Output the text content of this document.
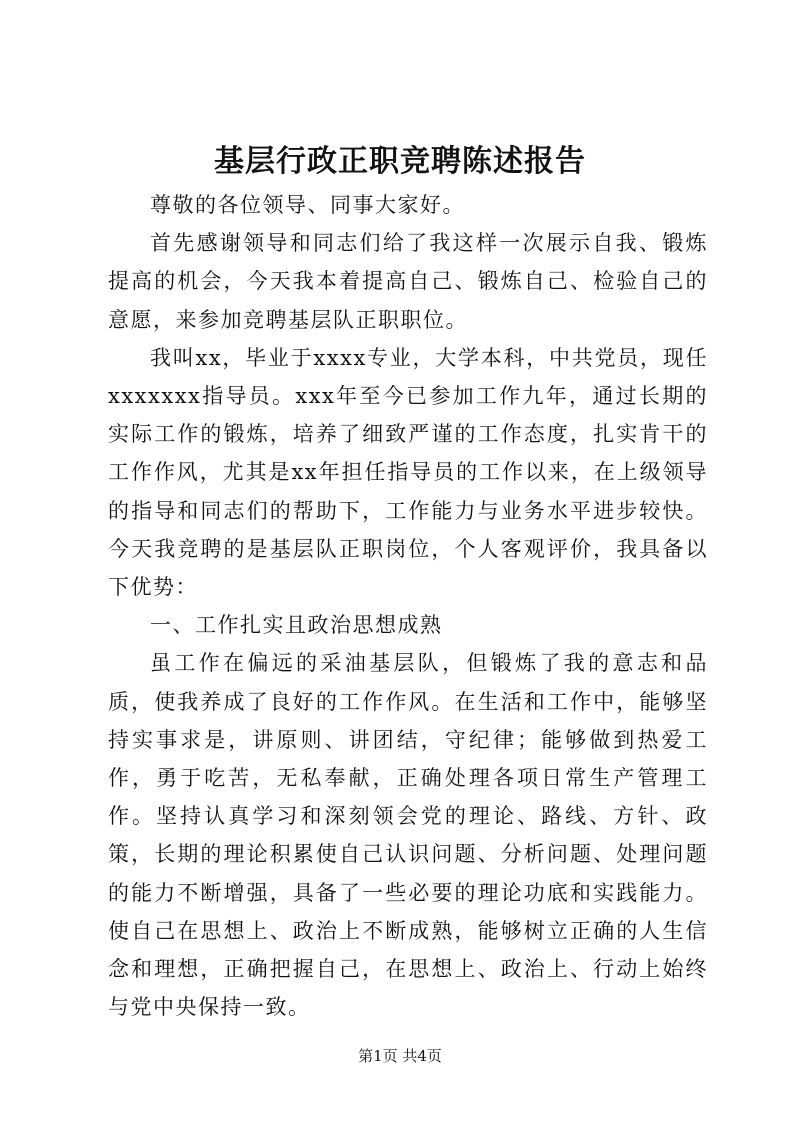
基层行政正职竞聘陈述报告

尊敬的各位领导、同事大家好。

首先感谢领导和同志们给了我这样一次展示自我、锻炼提高的机会，今天我本着提高自己、锻炼自己、检验自己的意愿，来参加竞聘基层队正职职位。

我叫xx，毕业于xxxx专业，大学本科，中共党员，现任xxxxxxx指导员。xxx年至今已参加工作九年，通过长期的实际工作的锻炼，培养了细致严谨的工作态度，扎实肯干的工作作风，尤其是xx年担任指导员的工作以来，在上级领导的指导和同志们的帮助下，工作能力与业务水平进步较快。今天我竞聘的是基层队正职岗位，个人客观评价，我具备以下优势：

一、工作扎实且政治思想成熟

虽工作在偏远的采油基层队，但锻炼了我的意志和品质，使我养成了良好的工作作风。在生活和工作中，能够坚持实事求是，讲原则、讲团结，守纪律；能够做到热爱工作，勇于吃苦，无私奉献，正确处理各项日常生产管理工作。坚持认真学习和深刻领会党的理论、路线、方针、政策，长期的理论积累使自己认识问题、分析问题、处理问题的能力不断增强，具备了一些必要的理论功底和实践能力。使自己在思想上、政治上不断成熟，能够树立正确的人生信念和理想，正确把握自己，在思想上、政治上、行动上始终与党中央保持一致。

第1页 共4页
